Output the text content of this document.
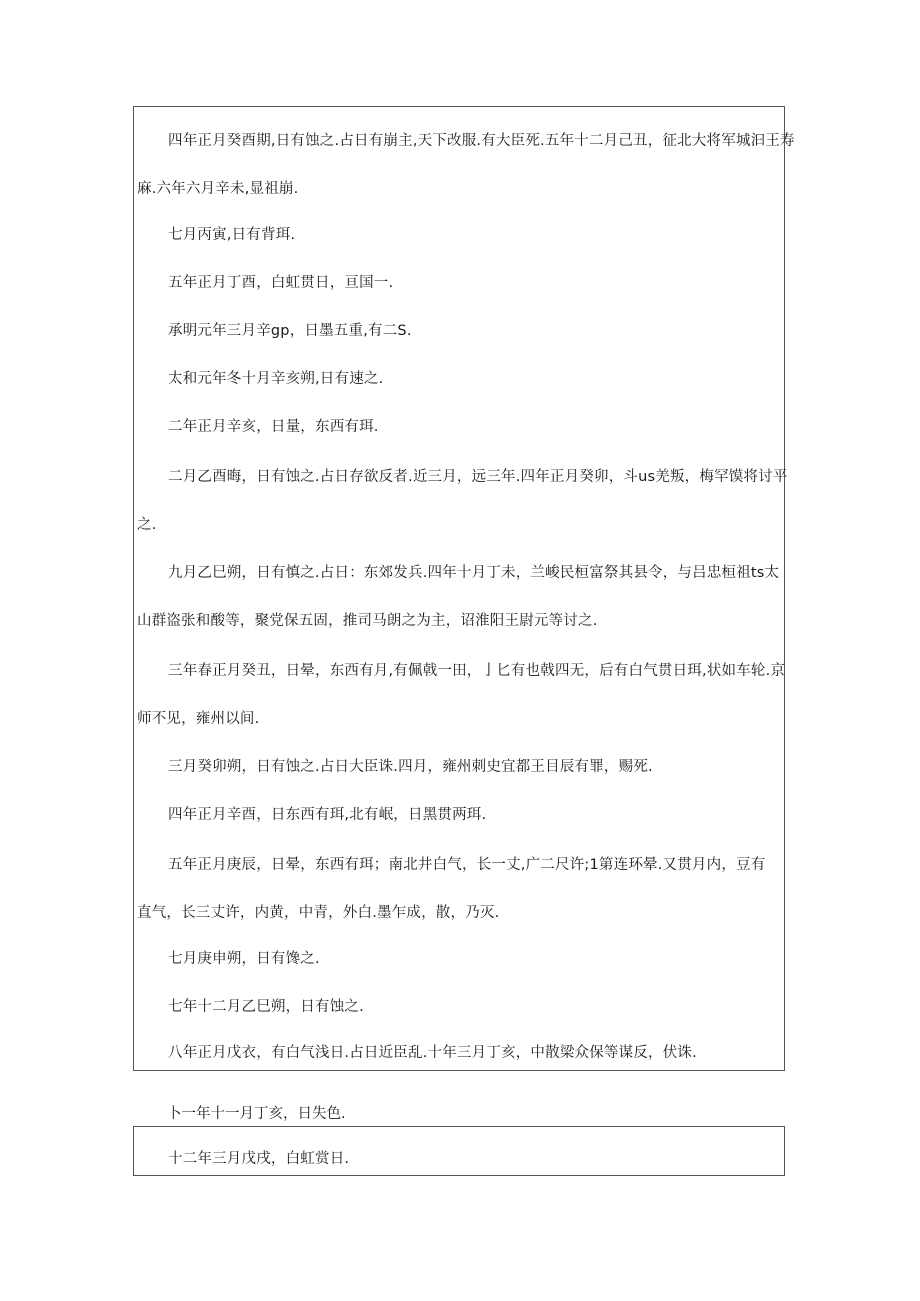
四年正月癸酉期,日有蚀之.占日有崩主,天下改服.有大臣死.五年十二月己丑，征北大将军城汩王寿
麻.六年六月辛未,显祖崩.
七月丙寅,日有背珥.
五年正月丁酉，白虹贯日，亘国一.
承明元年三月辛gp，日墨五重,有二S.
太和元年冬十月辛亥朔,日有速之.
二年正月辛亥，日量，东西有珥.
二月乙酉晦，日有蚀之.占日存欲反者.近三月，远三年.四年正月癸卯，斗us羌叛，梅罕馍将讨平
之.
九月乙巳朔，日有慎之.占日：东郊发兵.四年十月丁未，兰峻民桓富祭其县令，与吕忠桓祖ts太
山群盗张和酸等，聚党保五固，推司马朗之为主，诏淮阳王尉元等讨之.
三年春正月癸丑，日晕，东西有月,有佩戟一田，亅匕有也戟四无，后有白气贯日珥,状如车轮.京
师不见，雍州以间.
三月癸卯朔，日有蚀之.占日大臣诛.四月，雍州刺史宜都王目辰有罪，赐死.
四年正月辛酉，日东西有珥,北有岷，日黑贯两珥.
五年正月庚辰，日晕，东西有珥；南北井白气，长一丈,广二尺许;1第连环晕.又贯月内，豆有
直气，长三丈许，内黄，中青，外白.墨乍成，散，乃灭.
七月庚申朔，日有馋之.
七年十二月乙巳朔，日有蚀之.
八年正月戊衣，有白气浅日.占日近臣乱.十年三月丁亥，中散梁众保等谋反，伏诛.
卜一年十一月丁亥，日失色.
十二年三月戊戌，白虹赏日.
